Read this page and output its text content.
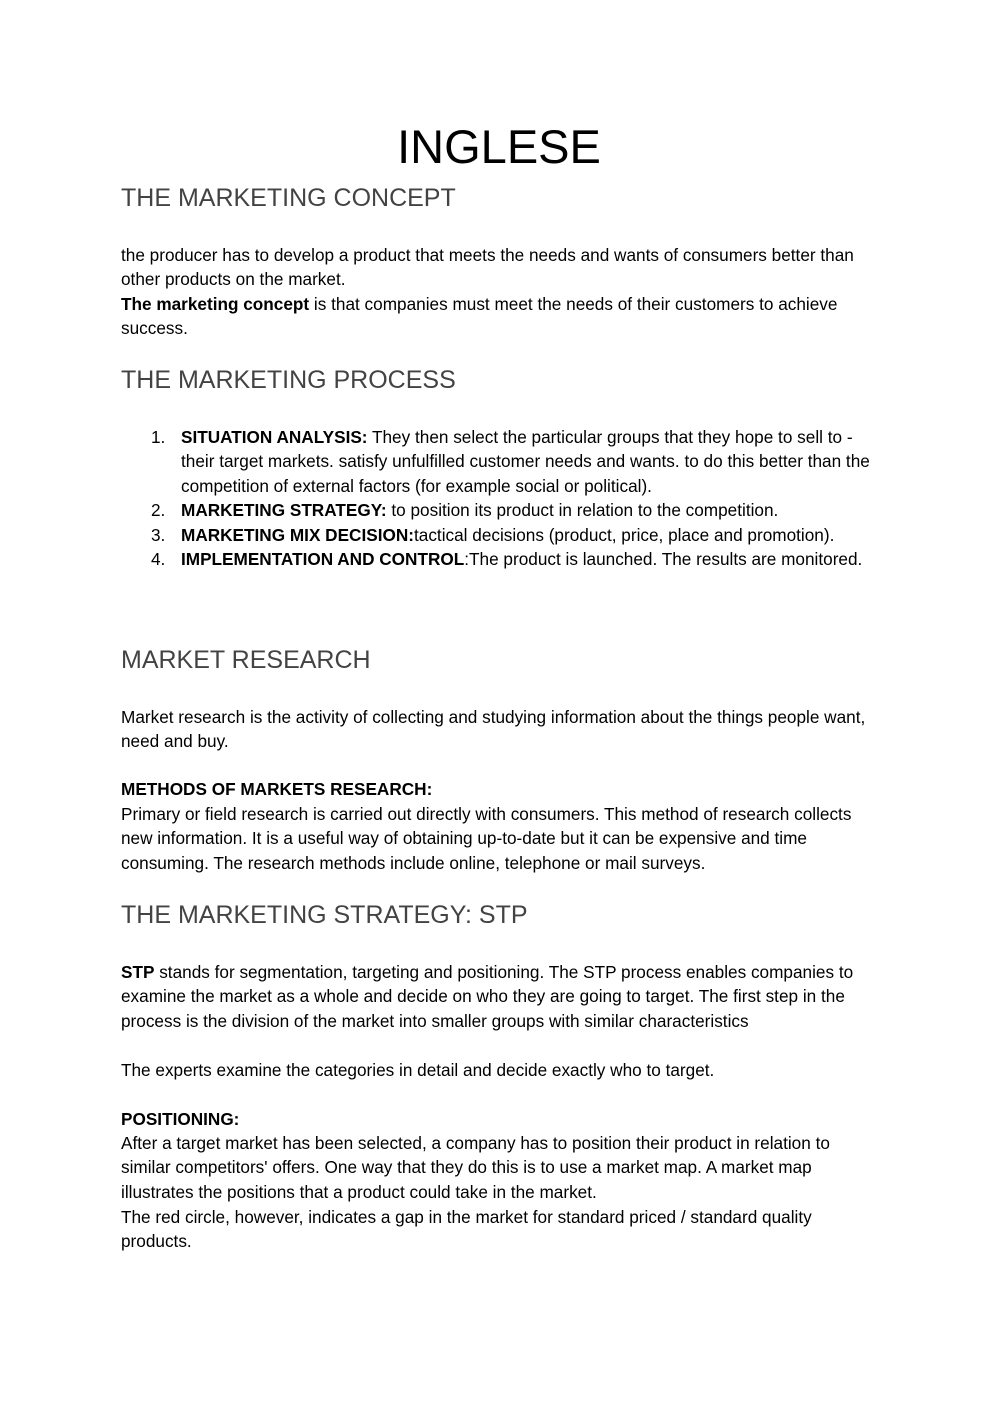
INGLESE
THE MARKETING CONCEPT

the producer has to develop a product that meets the needs and wants of consumers better than other products on the market.

The marketing concept is that companies must meet the needs of their customers to achieve success.

THE MARKETING PROCESS
1. SITUATION ANALYSIS: They then select the particular groups that they hope to sell to - their target markets. satisfy unfulfilled customer needs and wants. to do this better than the competition of external factors (for example social or political).
2. MARKETING STRATEGY: to position its product in relation to the competition.
3. MARKETING MIX DECISION:tactical decisions (product, price, place and promotion).
4. IMPLEMENTATION AND CONTROL:The product is launched. The results are monitored.
MARKET RESEARCH

Market research is the activity of collecting and studying information about the things people want, need and buy.

METHODS OF MARKETS RESEARCH:

Primary or field research is carried out directly with consumers. This method of research collects new information. It is a useful way of obtaining up-to-date but it can be expensive and time consuming. The research methods include online, telephone or mail surveys.

THE MARKETING STRATEGY: STP

STP stands for segmentation, targeting and positioning. The STP process enables companies to examine the market as a whole and decide on who they are going to target. The first step in the process is the division of the market into smaller groups with similar characteristics

The experts examine the categories in detail and decide exactly who to target.

POSITIONING:

After a target market has been selected, a company has to position their product in relation to similar competitors' offers. One way that they do this is to use a market map. A market map illustrates the positions that a product could take in the market.

The red circle, however, indicates a gap in the market for standard priced / standard quality products.
